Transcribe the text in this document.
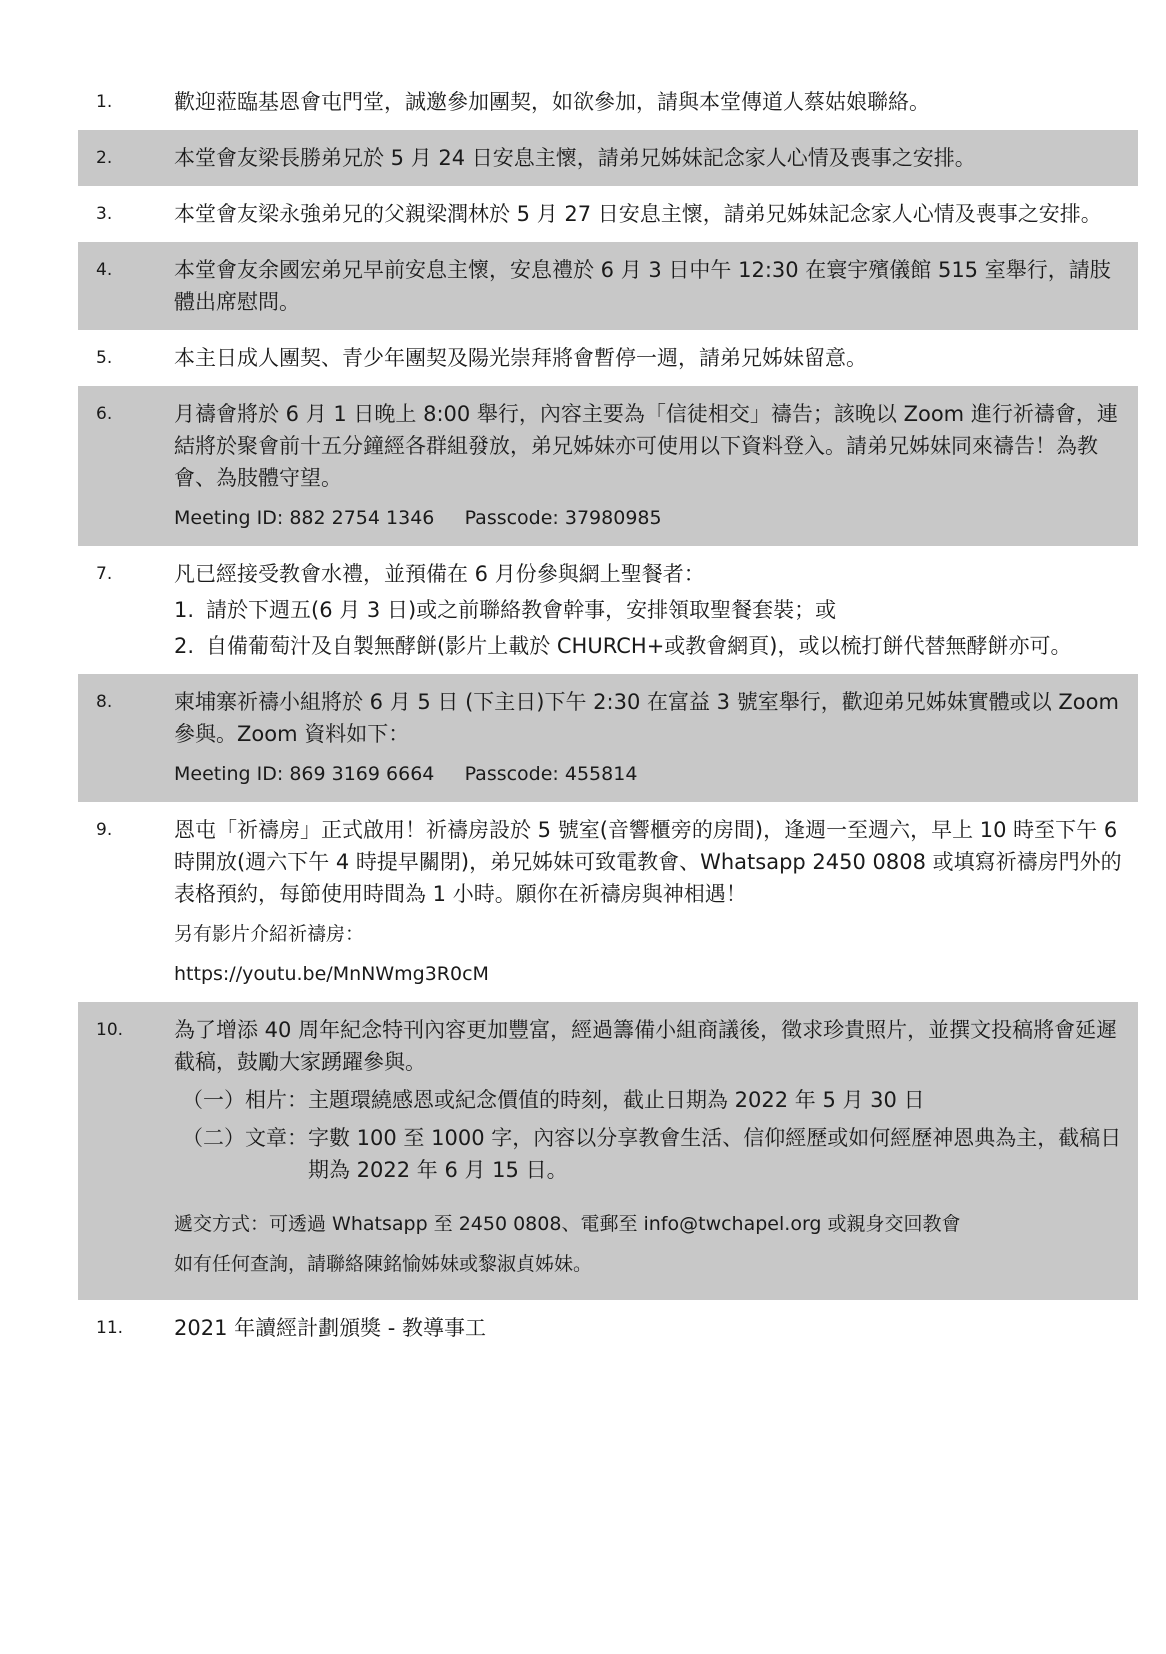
1.	歡迎蒞臨基恩會屯門堂，誠邀參加團契，如欲參加，請與本堂傳道人蔡姑娘聯絡。

2.	本堂會友梁長勝弟兄於 5 月 24 日安息主懷，請弟兄姊妹記念家人心情及喪事之安排。

3.	本堂會友梁永強弟兄的父親梁潤林於 5 月 27 日安息主懷，請弟兄姊妹記念家人心情及喪事之安排。

4.	本堂會友余國宏弟兄早前安息主懷，安息禮於 6 月 3 日中午 12:30 在寰宇殯儀館 515 室舉行，請肢體出席慰問。

5.	本主日成人團契、青少年團契及陽光崇拜將會暫停一週，請弟兄姊妹留意。

6.	月禱會將於 6 月 1 日晚上 8:00 舉行，內容主要為「信徒相交」禱告；該晚以 Zoom 進行祈禱會，連結將於聚會前十五分鐘經各群組發放，弟兄姊妹亦可使用以下資料登入。請弟兄姊妹同來禱告！為教會、為肢體守望。

Meeting ID: 882 2754 1346     Passcode: 37980985

7.	凡已經接受教會水禮，並預備在 6 月份參與網上聖餐者：

1. 請於下週五(6 月 3 日)或之前聯絡教會幹事，安排領取聖餐套裝；或
2. 自備葡萄汁及自製無酵餅(影片上載於 CHURCH+或教會網頁)，或以梳打餅代替無酵餅亦可。
8.	柬埔寨祈禱小組將於 6 月 5 日 (下主日)下午 2:30 在富益 3 號室舉行，歡迎弟兄姊妹實體或以 Zoom 參與。Zoom 資料如下：

Meeting ID: 869 3169 6664     Passcode: 455814

9.	恩屯「祈禱房」正式啟用！祈禱房設於 5 號室(音響櫃旁的房間)，逢週一至週六，早上 10 時至下午 6 時開放(週六下午 4 時提早關閉)，弟兄姊妹可致電教會、Whatsapp 2450 0808 或填寫祈禱房門外的表格預約，每節使用時間為 1 小時。願你在祈禱房與神相遇！

另有影片介紹祈禱房：

https://youtu.be/MnNWmg3R0cM

10.	為了增添 40 周年紀念特刊內容更加豐富，經過籌備小組商議後，徵求珍貴照片，並撰文投稿將會延遲截稿，鼓勵大家踴躍參與。

（一）相片： 主題環繞感恩或紀念價值的時刻，截止日期為 2022 年 5 月 30 日
（二）文章： 字數 100 至 1000 字，內容以分享教會生活、信仰經歷或如何經歷神恩典為主，截稿日期為 2022 年 6 月 15 日。

遞交方式：可透過 Whatsapp 至 2450 0808、電郵至 info@twchapel.org 或親身交回教會

如有任何查詢，請聯絡陳銘愉姊妹或黎淑貞姊妹。

11.	2021 年讀經計劃頒獎 - 教導事工
